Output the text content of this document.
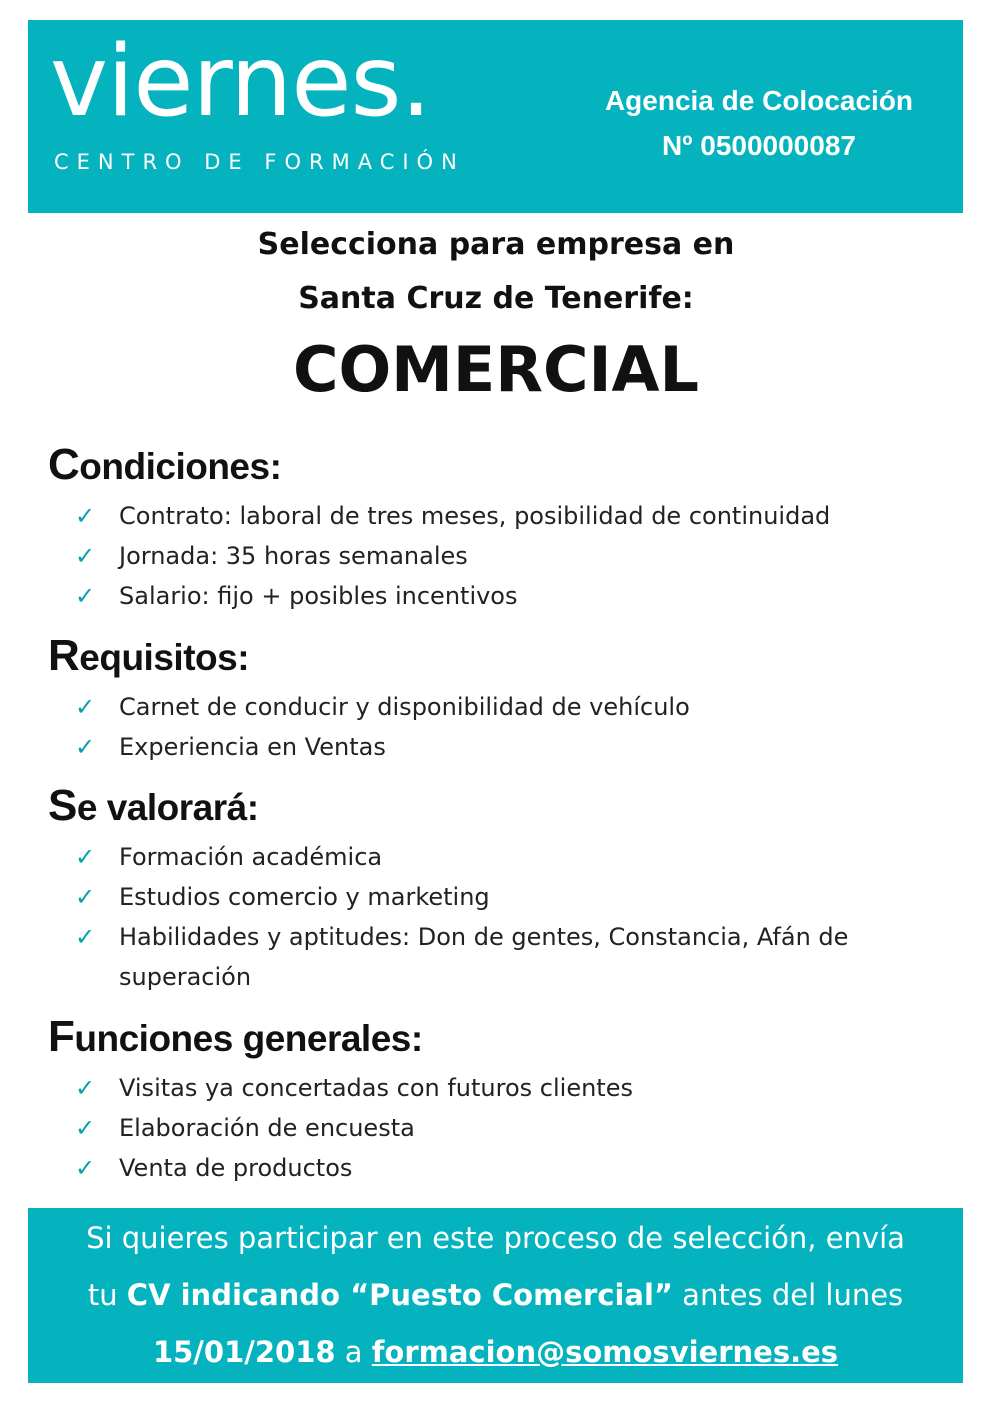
viernes.
CENTRO DE FORMACIÓN
Agencia de Colocación
Nº 0500000087
Selecciona para empresa en
Santa Cruz de Tenerife:
COMERCIAL
Condiciones:
✓ Contrato: laboral de tres meses, posibilidad de continuidad
✓ Jornada: 35 horas semanales
✓ Salario: fijo + posibles incentivos
Requisitos:
✓ Carnet de conducir y disponibilidad de vehículo
✓ Experiencia en Ventas
Se valorará:
✓ Formación académica
✓ Estudios comercio y marketing
✓ Habilidades y aptitudes: Don de gentes, Constancia, Afán de superación
Funciones generales:
✓ Visitas ya concertadas con futuros clientes
✓ Elaboración de encuesta
✓ Venta de productos
Si quieres participar en este proceso de selección, envía
tu CV indicando “Puesto Comercial” antes del lunes
15/01/2018 a formacion@somosviernes.es
